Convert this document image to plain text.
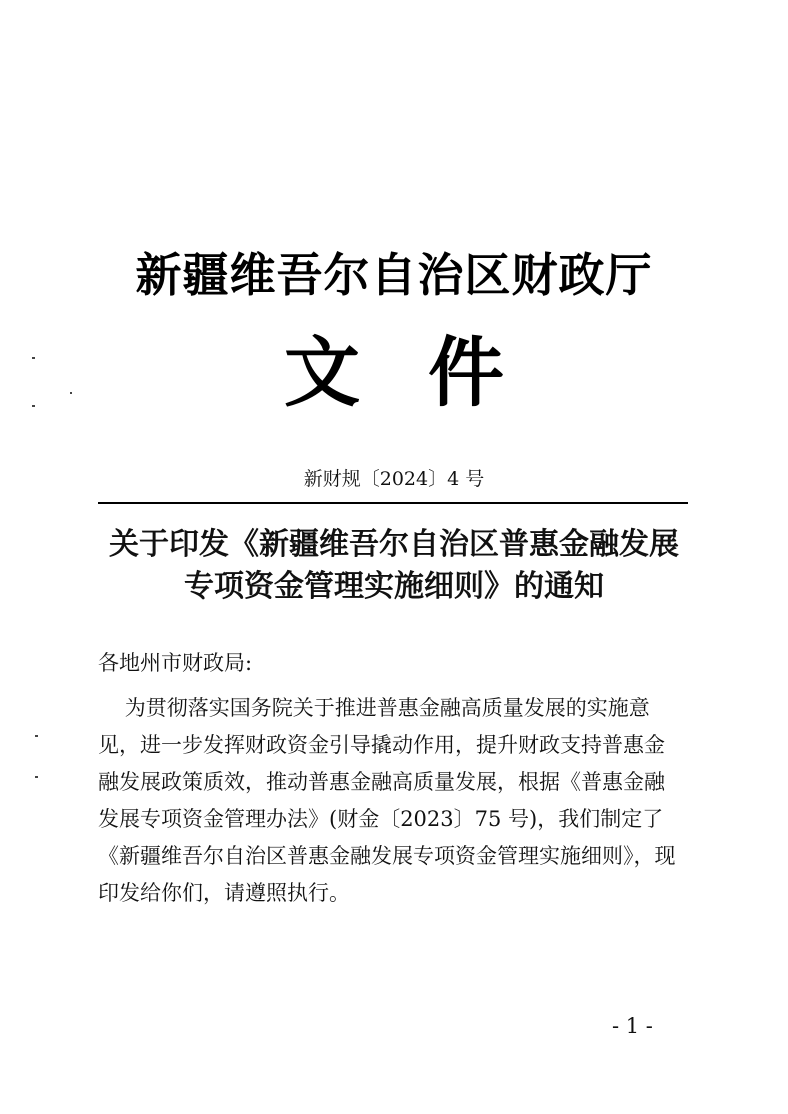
新疆维吾尔自治区财政厅
文 件
新财规〔2024〕4 号
关于印发《新疆维吾尔自治区普惠金融发展
专项资金管理实施细则》的通知
各地州市财政局:
为贯彻落实国务院关于推进普惠金融高质量发展的实施意
见，进一步发挥财政资金引导撬动作用，提升财政支持普惠金
融发展政策质效，推动普惠金融高质量发展，根据《普惠金融
发展专项资金管理办法》(财金〔2023〕75 号)，我们制定了
《新疆维吾尔自治区普惠金融发展专项资金管理实施细则》，现
印发给你们，请遵照执行。
- 1 -
